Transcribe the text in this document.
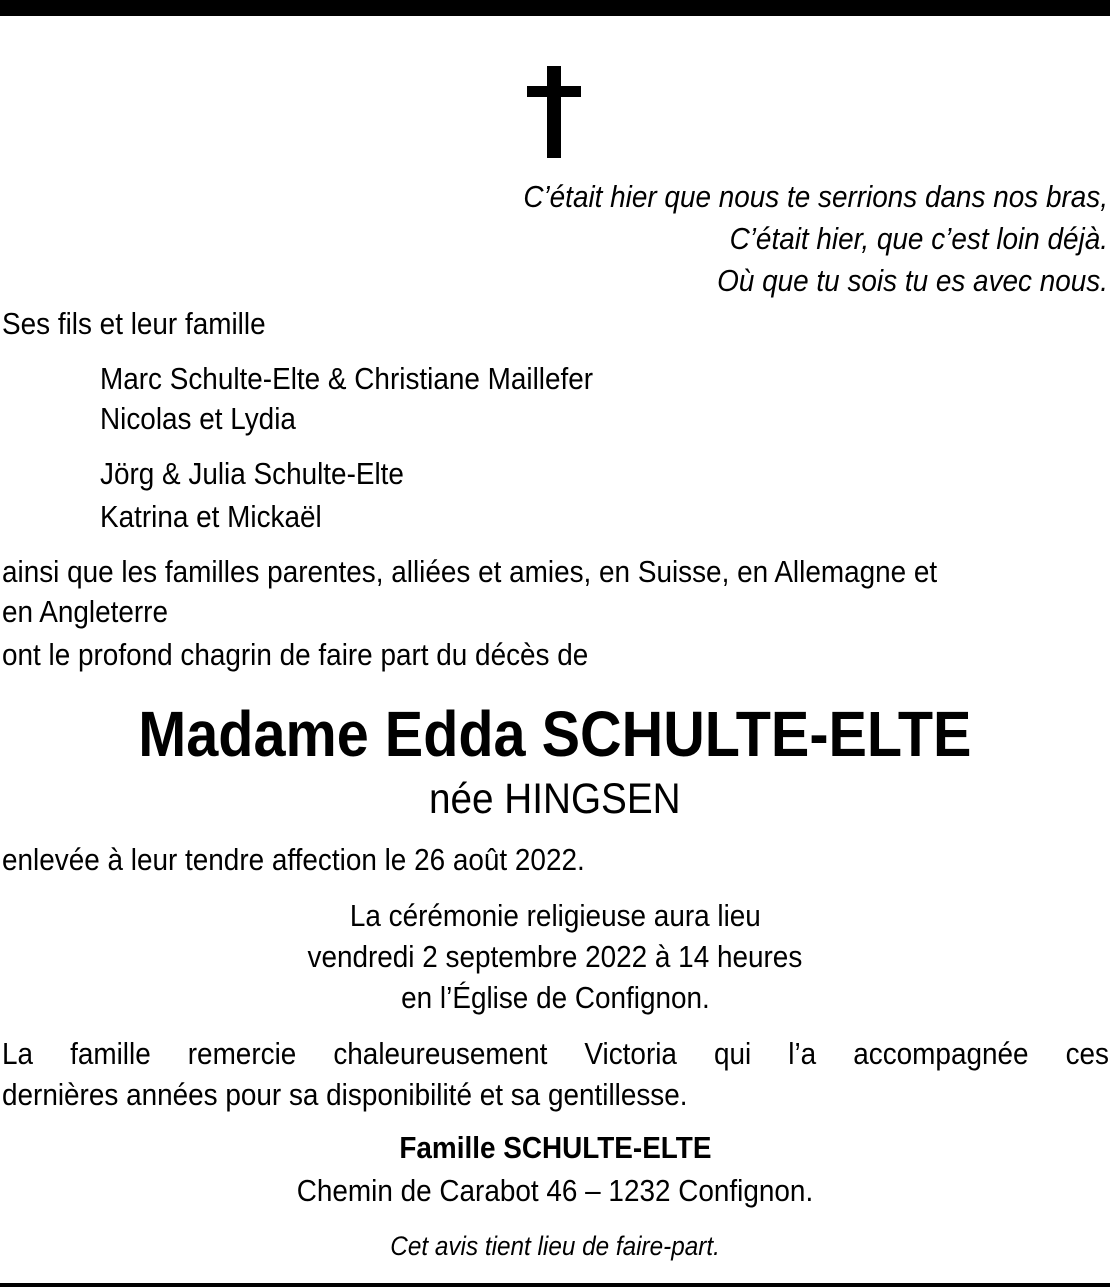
C’était hier que nous te serrions dans nos bras,
C’était hier, que c’est loin déjà.
Où que tu sois tu es avec nous.
Ses fils et leur famille
Marc Schulte-Elte & Christiane Maillefer
Nicolas et Lydia
Jörg & Julia Schulte-Elte
Katrina et Mickaël
ainsi que les familles parentes, alliées et amies, en Suisse, en Allemagne et
en Angleterre
ont le profond chagrin de faire part du décès de
Madame Edda SCHULTE-ELTE
née HINGSEN
enlevée à leur tendre affection le 26 août 2022.
La cérémonie religieuse aura lieu
vendredi 2 septembre 2022 à 14 heures
en l’Église de Confignon.
La famille remercie chaleureusement Victoria qui l’a accompagnée ces
dernières années pour sa disponibilité et sa gentillesse.
Famille SCHULTE-ELTE
Chemin de Carabot 46 – 1232 Confignon.
Cet avis tient lieu de faire-part.
